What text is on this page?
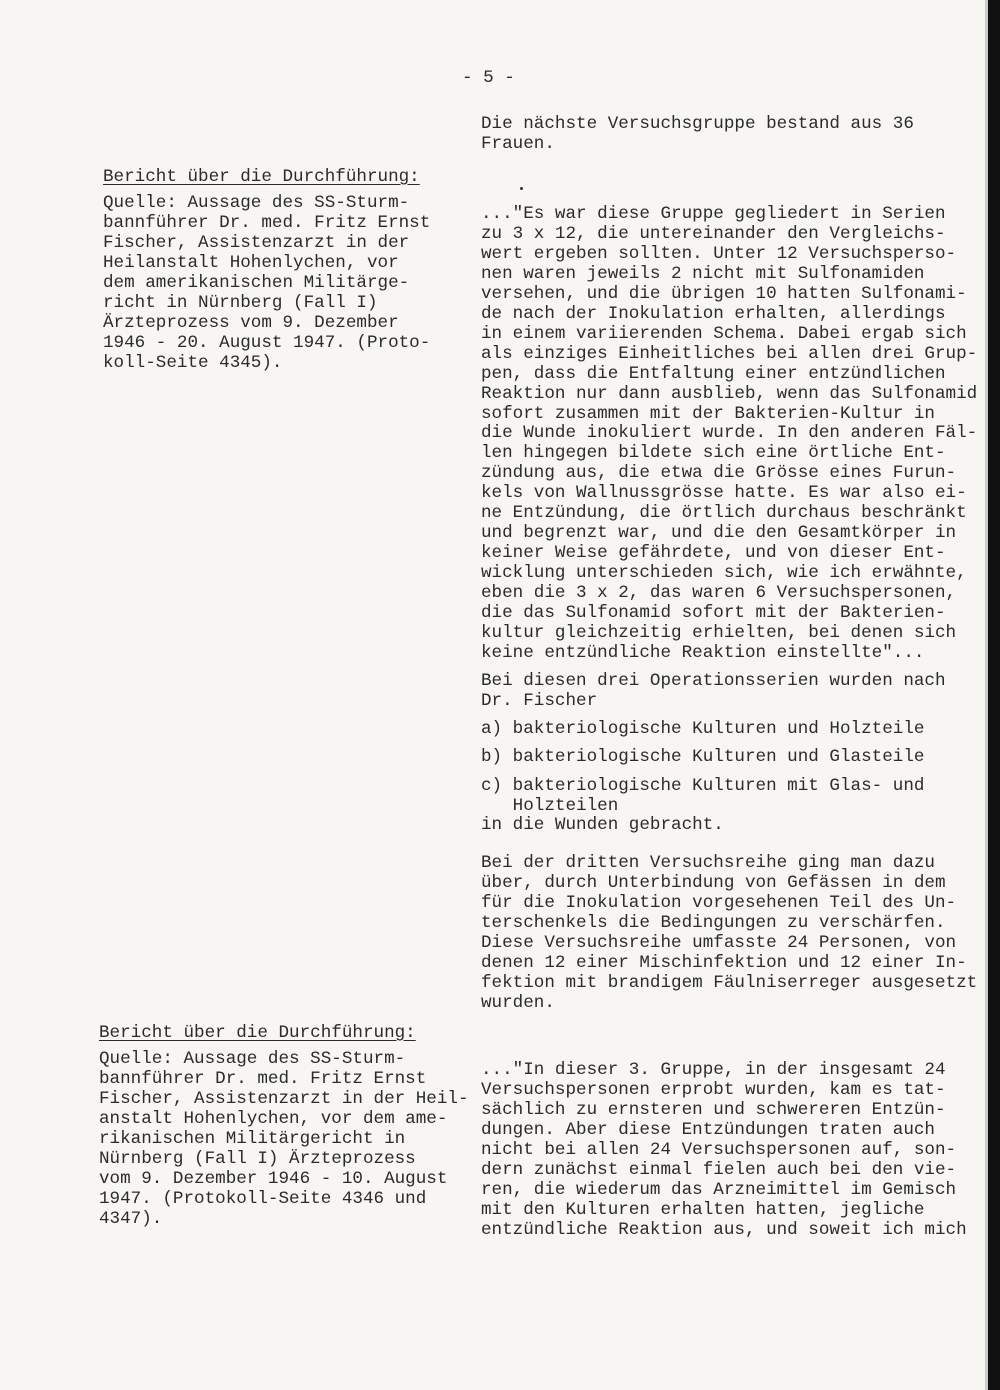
- 5 -
Bericht über die Durchführung:
Quelle: Aussage des SS-Sturm-
bannführer Dr. med. Fritz Ernst
Fischer, Assistenzarzt in der
Heilanstalt Hohenlychen, vor
dem amerikanischen Militärge-
richt in Nürnberg (Fall I)
Ärzteprozess vom 9. Dezember
1946 - 20. August 1947. (Proto-
koll-Seite 4345).
Bericht über die Durchführung:
Quelle: Aussage des SS-Sturm-
bannführer Dr. med. Fritz Ernst
Fischer, Assistenzarzt in der Heil-
anstalt Hohenlychen, vor dem ame-
rikanischen Militärgericht in
Nürnberg (Fall I) Ärzteprozess
vom 9. Dezember 1946 - 10. August
1947. (Protokoll-Seite 4346 und
4347).
Die nächste Versuchsgruppe bestand aus 36
Frauen.
..."Es war diese Gruppe gegliedert in Serien
zu 3 x 12, die untereinander den Vergleichs-
wert ergeben sollten. Unter 12 Versuchsperso-
nen waren jeweils 2 nicht mit Sulfonamiden
versehen, und die übrigen 10 hatten Sulfonami-
de nach der Inokulation erhalten, allerdings
in einem variierenden Schema. Dabei ergab sich
als einziges Einheitliches bei allen drei Grup-
pen, dass die Entfaltung einer entzündlichen
Reaktion nur dann ausblieb, wenn das Sulfonamid
sofort zusammen mit der Bakterien-Kultur in
die Wunde inokuliert wurde. In den anderen Fäl-
len hingegen bildete sich eine örtliche Ent-
zündung aus, die etwa die Grösse eines Furun-
kels von Wallnussgrösse hatte. Es war also ei-
ne Entzündung, die örtlich durchaus beschränkt
und begrenzt war, und die den Gesamtkörper in
keiner Weise gefährdete, und von dieser Ent-
wicklung unterschieden sich, wie ich erwähnte,
eben die 3 x 2, das waren 6 Versuchspersonen,
die das Sulfonamid sofort mit der Bakterien-
kultur gleichzeitig erhielten, bei denen sich
keine entzündliche Reaktion einstellte"...
Bei diesen drei Operationsserien wurden nach
Dr. Fischer
a) bakteriologische Kulturen und Holzteile
b) bakteriologische Kulturen und Glasteile
c) bakteriologische Kulturen mit Glas- und
Holzteilen
in die Wunden gebracht.
Bei der dritten Versuchsreihe ging man dazu
über, durch Unterbindung von Gefässen in dem
für die Inokulation vorgesehenen Teil des Un-
terschenkels die Bedingungen zu verschärfen.
Diese Versuchsreihe umfasste 24 Personen, von
denen 12 einer Mischinfektion und 12 einer In-
fektion mit brandigem Fäulniserreger ausgesetzt
wurden.
..."In dieser 3. Gruppe, in der insgesamt 24
Versuchspersonen erprobt wurden, kam es tat-
sächlich zu ernsteren und schwereren Entzün-
dungen. Aber diese Entzündungen traten auch
nicht bei allen 24 Versuchspersonen auf, son-
dern zunächst einmal fielen auch bei den vie-
ren, die wiederum das Arzneimittel im Gemisch
mit den Kulturen erhalten hatten, jegliche
entzündliche Reaktion aus, und soweit ich mich
